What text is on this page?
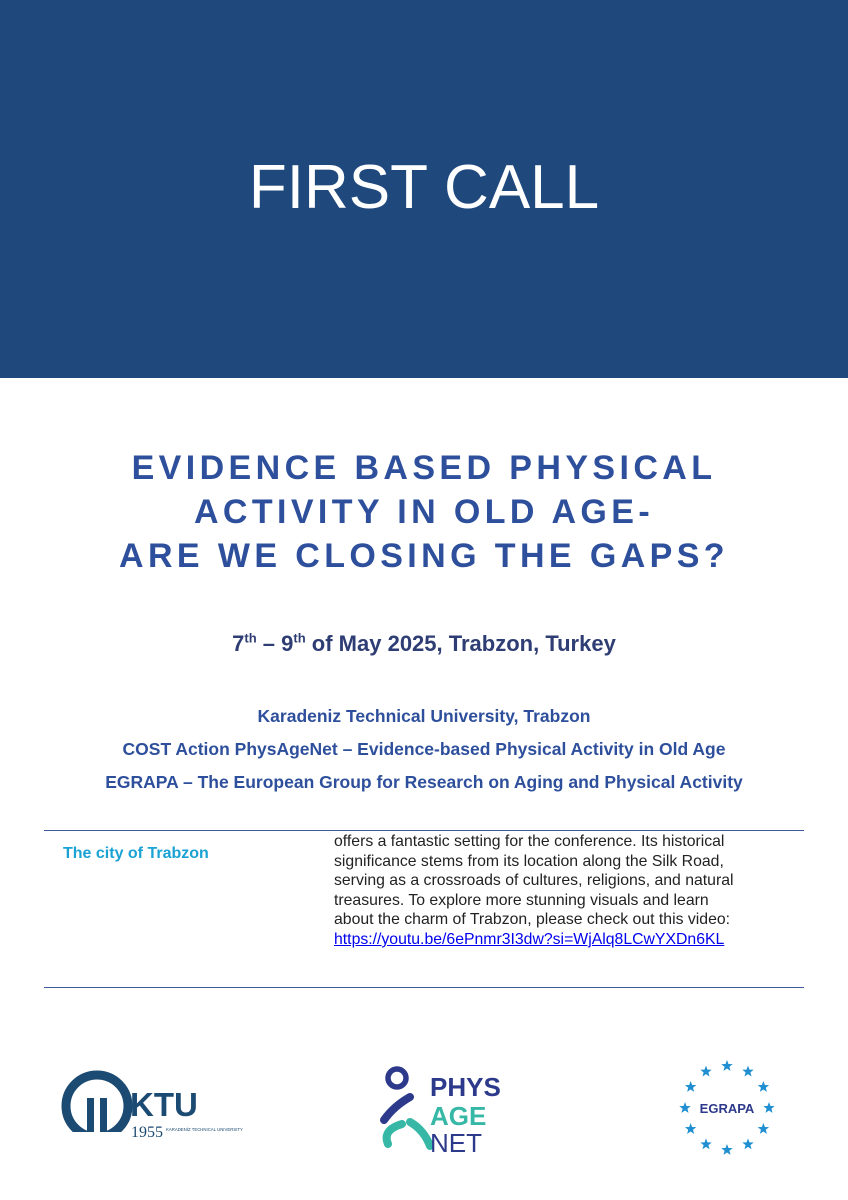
FIRST CALL
EVIDENCE BASED PHYSICAL
ACTIVITY IN OLD AGE-
ARE WE CLOSING THE GAPS?
7th – 9th of May 2025, Trabzon, Turkey
Karadeniz Technical University, Trabzon
COST Action PhysAgeNet – Evidence-based Physical Activity in Old Age
EGRAPA – The European Group for Research on Aging and Physical Activity
The city of Trabzon
offers a fantastic setting for the conference. Its historical
significance stems from its location along the Silk Road,
serving as a crossroads of cultures, religions, and natural
treasures. To explore more stunning visuals and learn
about the charm of Trabzon, please check out this video:
https://youtu.be/6ePnmr3I3dw?si=WjAlq8LCwYXDn6KL
KTU
1955 KARADENİZ TECHNICAL UNIVERSITY
PHYS
AGE
NET
EGRAPA
